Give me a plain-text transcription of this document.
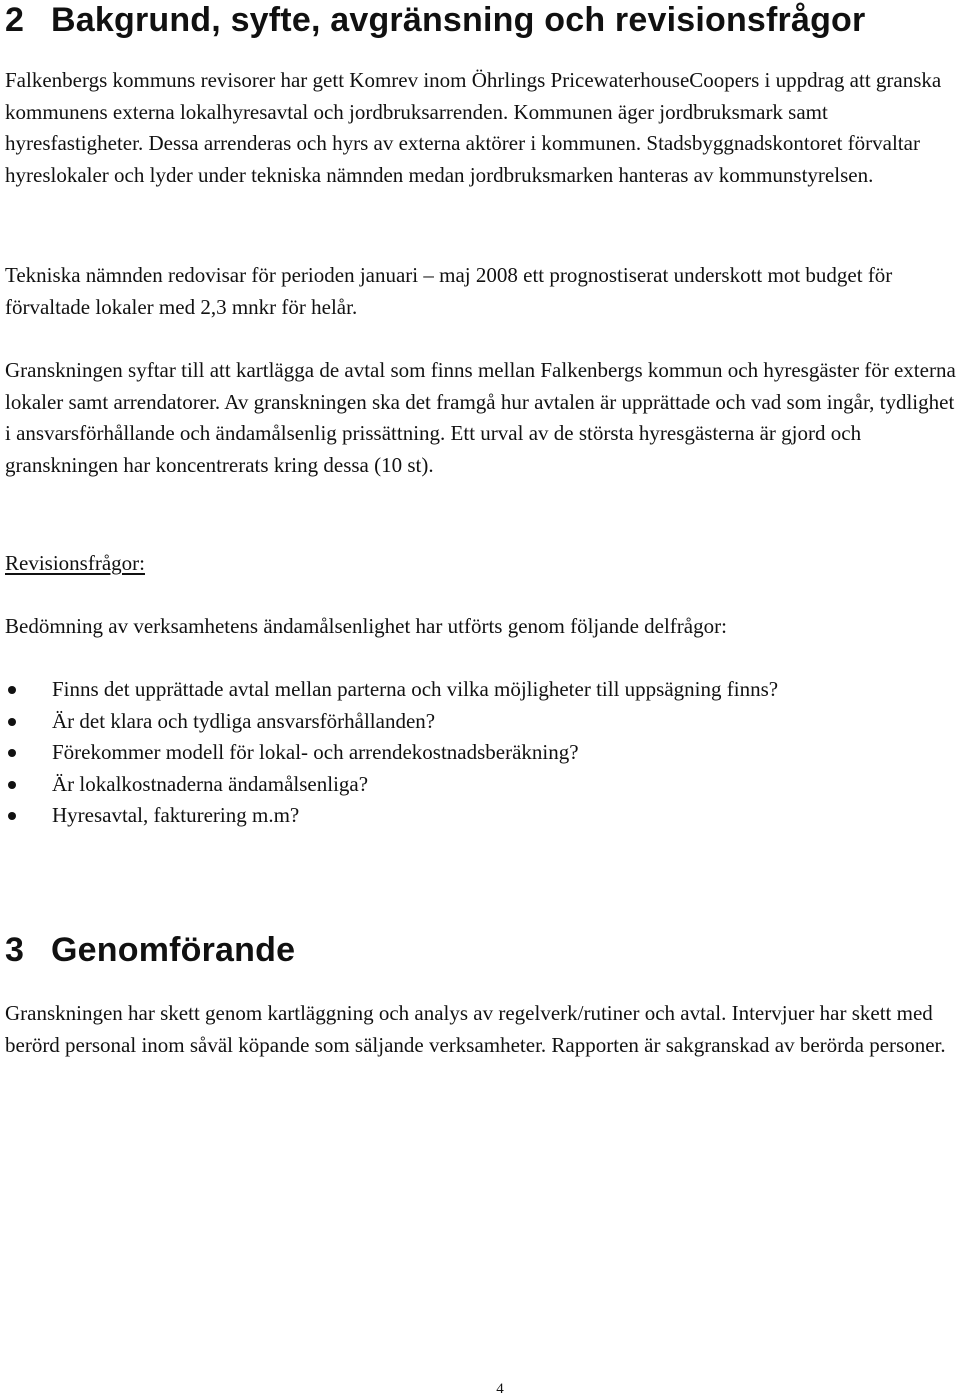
2 Bakgrund, syfte, avgränsning och revisionsfrågor

Falkenbergs kommuns revisorer har gett Komrev inom Öhrlings PricewaterhouseCoopers i uppdrag att granska kommunens externa lokalhyresavtal och jordbruksarrenden. Kommunen äger jordbruksmark samt hyresfastigheter. Dessa arrenderas och hyrs av externa aktörer i kommunen. Stadsbyggnadskontoret förvaltar hyreslokaler och lyder under tekniska nämnden medan jordbruksmarken hanteras av kommunstyrelsen.

Tekniska nämnden redovisar för perioden januari – maj 2008 ett prognostiserat underskott mot budget för förvaltade lokaler med 2,3 mnkr för helår.

Granskningen syftar till att kartlägga de avtal som finns mellan Falkenbergs kommun och hyresgäster för externa lokaler samt arrendatorer. Av granskningen ska det framgå hur avtalen är upprättade och vad som ingår, tydlighet i ansvarsförhållande och ändamålsenlig prissättning. Ett urval av de största hyresgästerna är gjord och granskningen har koncentrerats kring dessa (10 st).

Revisionsfrågor:
Bedömning av verksamhetens ändamålsenlighet har utförts genom följande delfrågor:
Finns det upprättade avtal mellan parterna och vilka möjligheter till uppsägning finns?
Är det klara och tydliga ansvarsförhållanden?
Förekommer modell för lokal- och arrendekostnadsberäkning?
Är lokalkostnaderna ändamålsenliga?
Hyresavtal, fakturering m.m?
3 Genomförande

Granskningen har skett genom kartläggning och analys av regelverk/rutiner och avtal. Intervjuer har skett med berörd personal inom såväl köpande som säljande verksamheter. Rapporten är sakgranskad av berörda personer.

4
